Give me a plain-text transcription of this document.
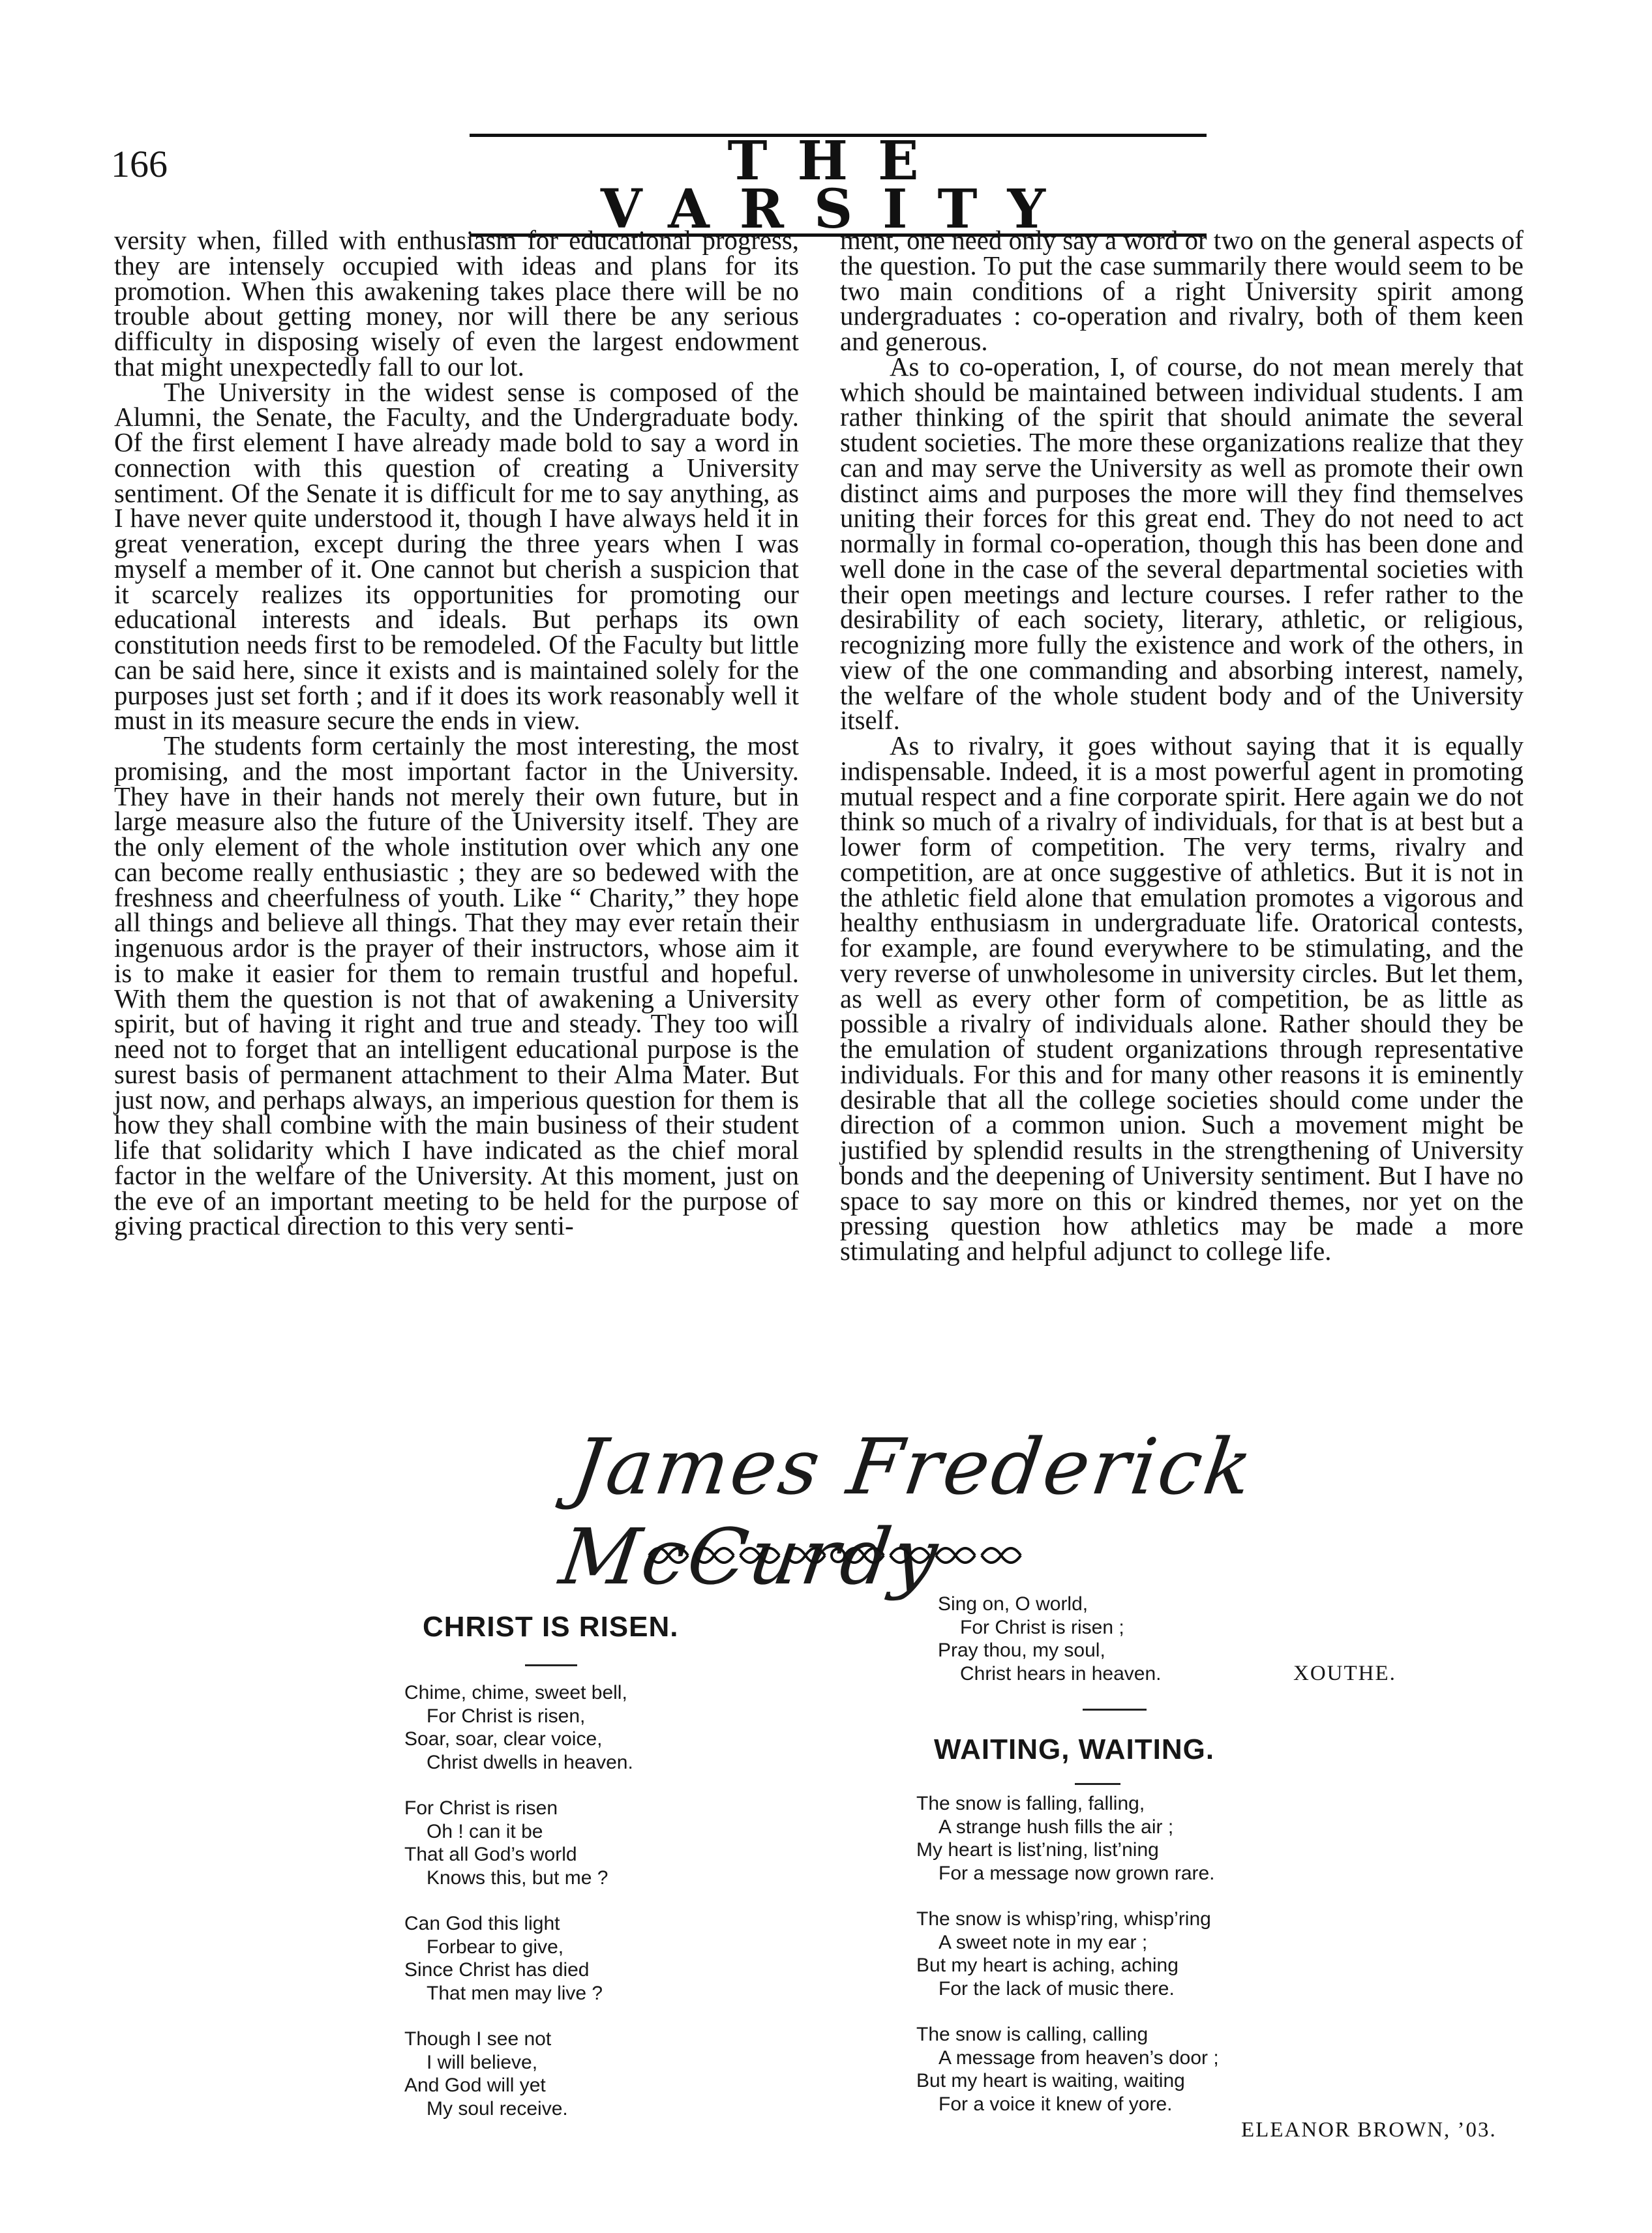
166	THE VARSITY

versity when, filled with enthusiasm for educational progress, they are intensely occupied with ideas and plans for its promotion. When this awakening takes place there will be no trouble about getting money, nor will there be any serious difficulty in disposing wisely of even the largest endowment that might unexpectedly fall to our lot.

The University in the widest sense is composed of the Alumni, the Senate, the Faculty, and the Undergraduate body. Of the first element I have already made bold to say a word in connection with this question of creating a University sentiment. Of the Senate it is difficult for me to say anything, as I have never quite understood it, though I have always held it in great veneration, except during the three years when I was myself a member of it. One cannot but cherish a suspicion that it scarcely realizes its opportunities for promoting our educational interests and ideals. But perhaps its own constitution needs first to be remodeled. Of the Faculty but little can be said here, since it exists and is maintained solely for the purposes just set forth ; and if it does its work reasonably well it must in its measure secure the ends in view.

The students form certainly the most interesting, the most promising, and the most important factor in the University. They have in their hands not merely their own future, but in large measure also the future of the University itself. They are the only element of the whole institution over which any one can become really enthusiastic ; they are so bedewed with the freshness and cheerfulness of youth. Like “ Charity,” they hope all things and believe all things. That they may ever retain their ingenuous ardor is the prayer of their instructors, whose aim it is to make it easier for them to remain trustful and hopeful. With them the question is not that of awakening a University spirit, but of having it right and true and steady. They too will need not to forget that an intelligent educational purpose is the surest basis of permanent attachment to their Alma Mater. But just now, and perhaps always, an imperious question for them is how they shall combine with the main business of their student life that solidarity which I have indicated as the chief moral factor in the welfare of the University. At this moment, just on the eve of an important meeting to be held for the purpose of giving practical direction to this very senti-

ment, one need only say a word or two on the general aspects of the question. To put the case summarily there would seem to be two main conditions of a right University spirit among undergraduates : co-operation and rivalry, both of them keen and generous.

As to co-operation, I, of course, do not mean merely that which should be maintained between individual students. I am rather thinking of the spirit that should animate the several student societies. The more these organizations realize that they can and may serve the University as well as promote their own distinct aims and purposes the more will they find themselves uniting their forces for this great end. They do not need to act normally in formal co-operation, though this has been done and well done in the case of the several departmental societies with their open meetings and lecture courses. I refer rather to the desirability of each society, literary, athletic, or religious, recognizing more fully the existence and work of the others, in view of the one commanding and absorbing interest, namely, the welfare of the whole student body and of the University itself.

As to rivalry, it goes without saying that it is equally indispensable. Indeed, it is a most powerful agent in promoting mutual respect and a fine corporate spirit. Here again we do not think so much of a rivalry of individuals, for that is at best but a lower form of competition. The very terms, rivalry and competition, are at once suggestive of athletics. But it is not in the athletic field alone that emulation promotes a vigorous and healthy enthusiasm in undergraduate life. Oratorical contests, for example, are found everywhere to be stimulating, and the very reverse of unwholesome in university circles. But let them, as well as every other form of competition, be as little as possible a rivalry of individuals alone. Rather should they be the emulation of student organizations through representative individuals. For this and for many other reasons it is eminently desirable that all the college societies should come under the direction of a common union. Such a movement might be justified by splendid results in the strengthening of University bonds and the deepening of University sentiment. But I have no space to say more on this or kindred themes, nor yet on the pressing question how athletics may be made a more stimulating and helpful adjunct to college life.

James Frederick McCurdy
CHRIST IS RISEN.
Chime, chime, sweet bell,
For Christ is risen,
Soar, soar, clear voice,
Christ dwells in heaven.
For Christ is risen
Oh ! can it be
That all God’s world
Knows this, but me ?
Can God this light
Forbear to give,
Since Christ has died
That men may live ?
Though I see not
I will believe,
And God will yet
My soul receive.
Sing on, O world,
For Christ is risen ;
Pray thou, my soul,
Christ hears in heaven.	XOUTHE.
WAITING, WAITING.
The snow is falling, falling,
A strange hush fills the air ;
My heart is list’ning, list’ning
For a message now grown rare.
The snow is whisp’ring, whisp’ring
A sweet note in my ear ;
But my heart is aching, aching
For the lack of music there.
The snow is calling, calling
A message from heaven’s door ;
But my heart is waiting, waiting
For a voice it knew of yore.
ELEANOR BROWN, ’03.
